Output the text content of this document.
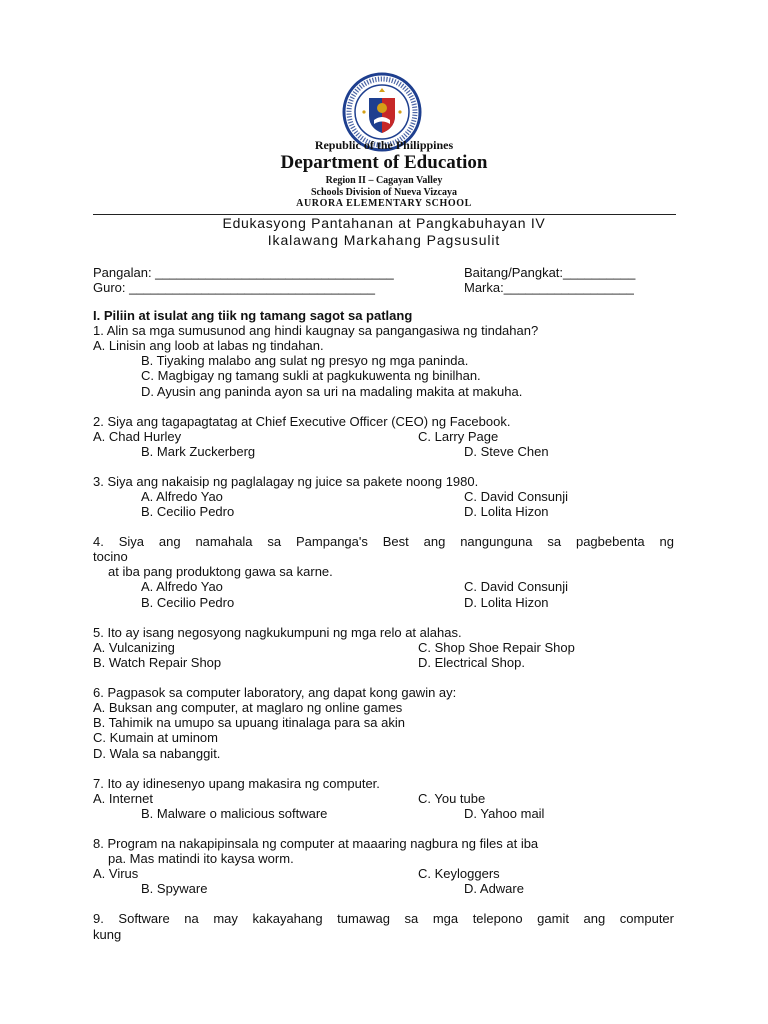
Republic of the Philippines
Department of Education
Region II – Cagayan Valley
Schools Division of Nueva Vizcaya
AURORA ELEMENTARY SCHOOL
Edukasyong Pantahanan at Pangkabuhayan IV
Ikalawang Markahang Pagsusulit
Pangalan: _________________________________	Baitang/Pangkat:__________
Guro: __________________________________	Marka:__________________
I. Piliin at isulat ang tiik ng tamang sagot sa patlang
1. Alin sa mga sumusunod ang hindi kaugnay sa pangangasiwa ng tindahan?
A. Linisin ang loob at labas ng tindahan.
B. Tiyaking malabo ang sulat ng presyo ng mga paninda.
C. Magbigay ng tamang sukli at pagkukuwenta ng binilhan.
D. Ayusin ang paninda ayon sa uri na madaling makita at makuha.
2. Siya ang tagapagtatag at Chief Executive Officer (CEO) ng Facebook.
A. Chad Hurley	C. Larry Page
B. Mark Zuckerberg	D. Steve Chen
3. Siya ang nakaisip ng paglalagay ng juice sa pakete noong 1980.
A. Alfredo Yao	C. David Consunji
B. Cecilio Pedro	D. Lolita Hizon
4. Siya ang namahala sa Pampanga's Best ang nangunguna sa pagbebenta ng
tocino
at iba pang produktong gawa sa karne.
A. Alfredo Yao	C. David Consunji
B. Cecilio Pedro	D. Lolita Hizon
5. Ito ay isang negosyong nagkukumpuni ng mga relo at alahas.
A. Vulcanizing	C. Shop Shoe Repair Shop
B. Watch Repair Shop	D. Electrical Shop.
6. Pagpasok sa computer laboratory, ang dapat kong gawin ay:
A. Buksan ang computer, at maglaro ng online games
B. Tahimik na umupo sa upuang itinalaga para sa akin
C. Kumain at uminom
D. Wala sa nabanggit.
7. Ito ay idinesenyo upang makasira ng computer.
A. Internet	C. You tube
B. Malware o malicious software	D. Yahoo mail
8. Program na nakapipinsala ng computer at maaaring nagbura ng files at iba
pa. Mas matindi ito kaysa worm.
A. Virus	C. Keyloggers
B. Spyware	D. Adware
9. Software na may kakayahang tumawag sa mga telepono gamit ang computer
kung
